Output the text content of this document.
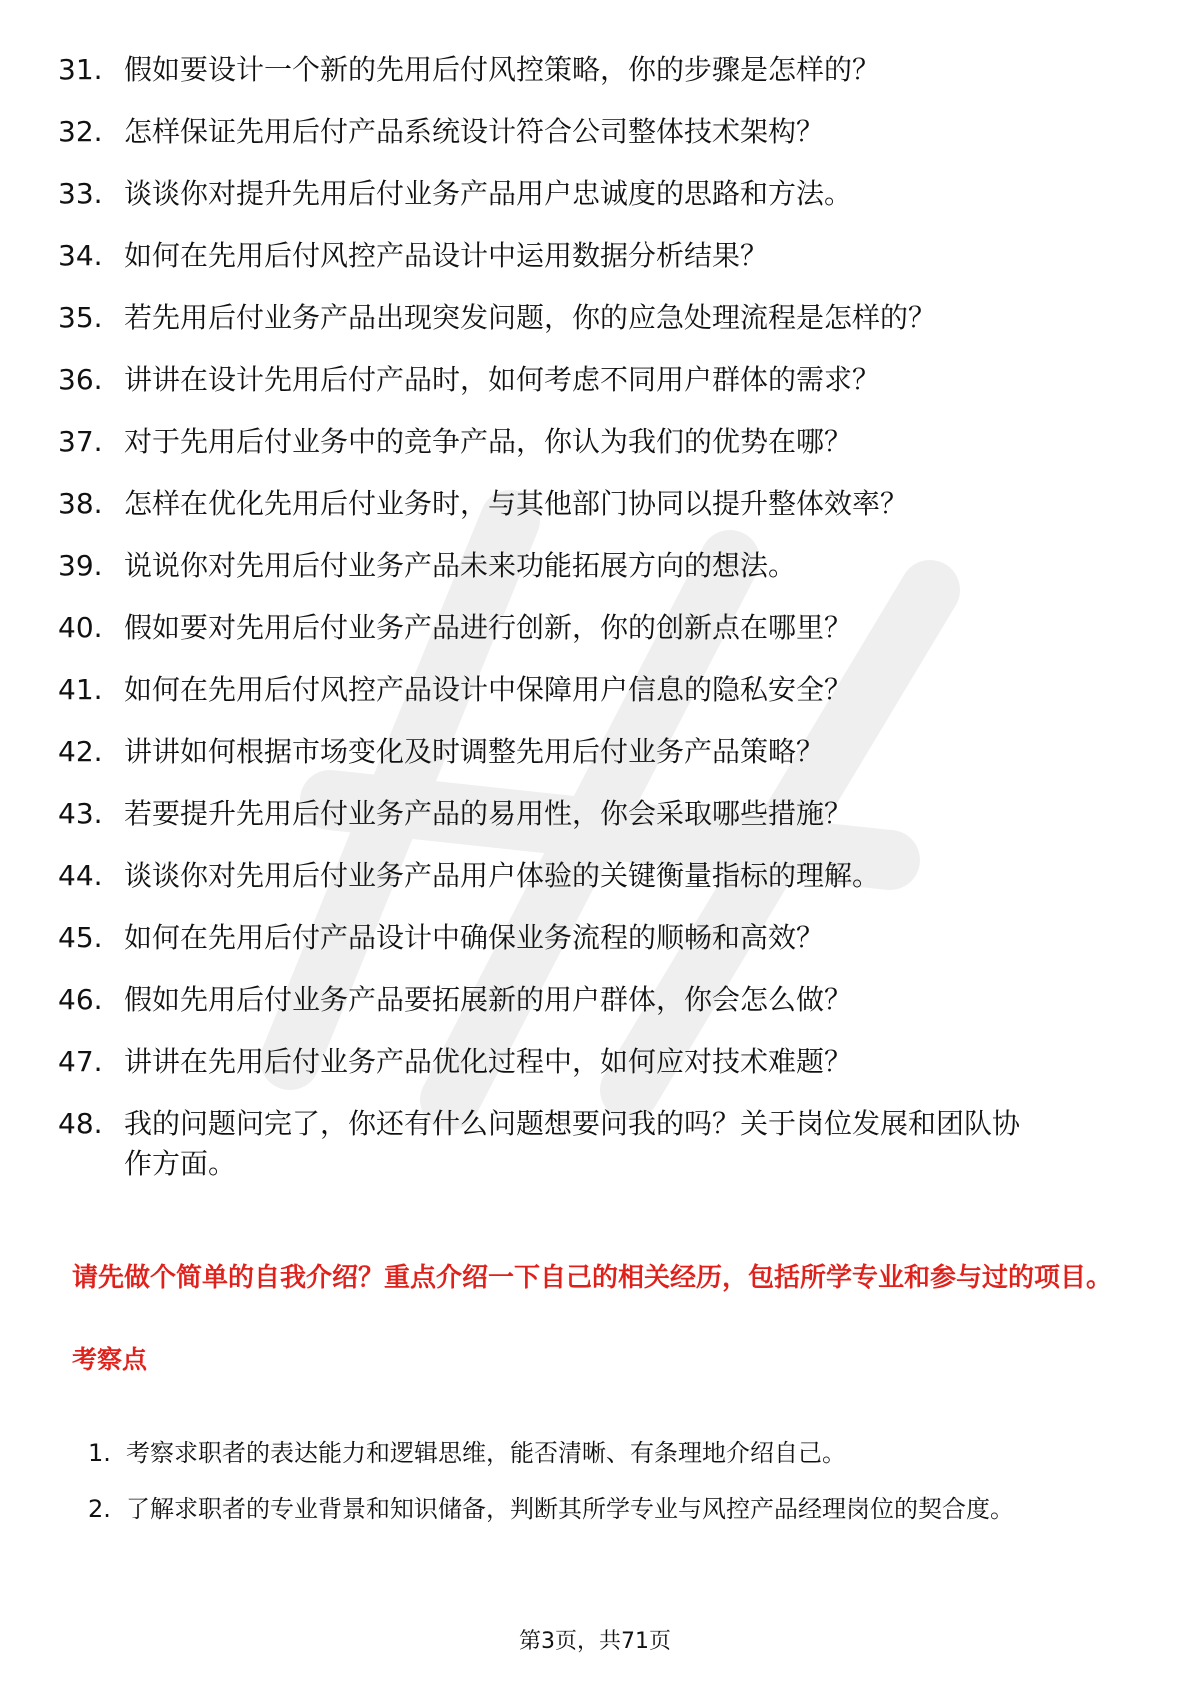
31. 假如要设计一个新的先用后付风控策略，你的步骤是怎样的？
32. 怎样保证先用后付产品系统设计符合公司整体技术架构？
33. 谈谈你对提升先用后付业务产品用户忠诚度的思路和方法。
34. 如何在先用后付风控产品设计中运用数据分析结果？
35. 若先用后付业务产品出现突发问题，你的应急处理流程是怎样的？
36. 讲讲在设计先用后付产品时，如何考虑不同用户群体的需求？
37. 对于先用后付业务中的竞争产品，你认为我们的优势在哪？
38. 怎样在优化先用后付业务时，与其他部门协同以提升整体效率？
39. 说说你对先用后付业务产品未来功能拓展方向的想法。
40. 假如要对先用后付业务产品进行创新，你的创新点在哪里？
41. 如何在先用后付风控产品设计中保障用户信息的隐私安全？
42. 讲讲如何根据市场变化及时调整先用后付业务产品策略？
43. 若要提升先用后付业务产品的易用性，你会采取哪些措施？
44. 谈谈你对先用后付业务产品用户体验的关键衡量指标的理解。
45. 如何在先用后付产品设计中确保业务流程的顺畅和高效？
46. 假如先用后付业务产品要拓展新的用户群体，你会怎么做？
47. 讲讲在先用后付业务产品优化过程中，如何应对技术难题？
48. 我的问题问完了，你还有什么问题想要问我的吗？关于岗位发展和团队协作方面。

请先做个简单的自我介绍？重点介绍一下自己的相关经历，包括所学专业和参与过的项目。

考察点

1. 考察求职者的表达能力和逻辑思维，能否清晰、有条理地介绍自己。
2. 了解求职者的专业背景和知识储备，判断其所学专业与风控产品经理岗位的契合度。
第3页，共71页
